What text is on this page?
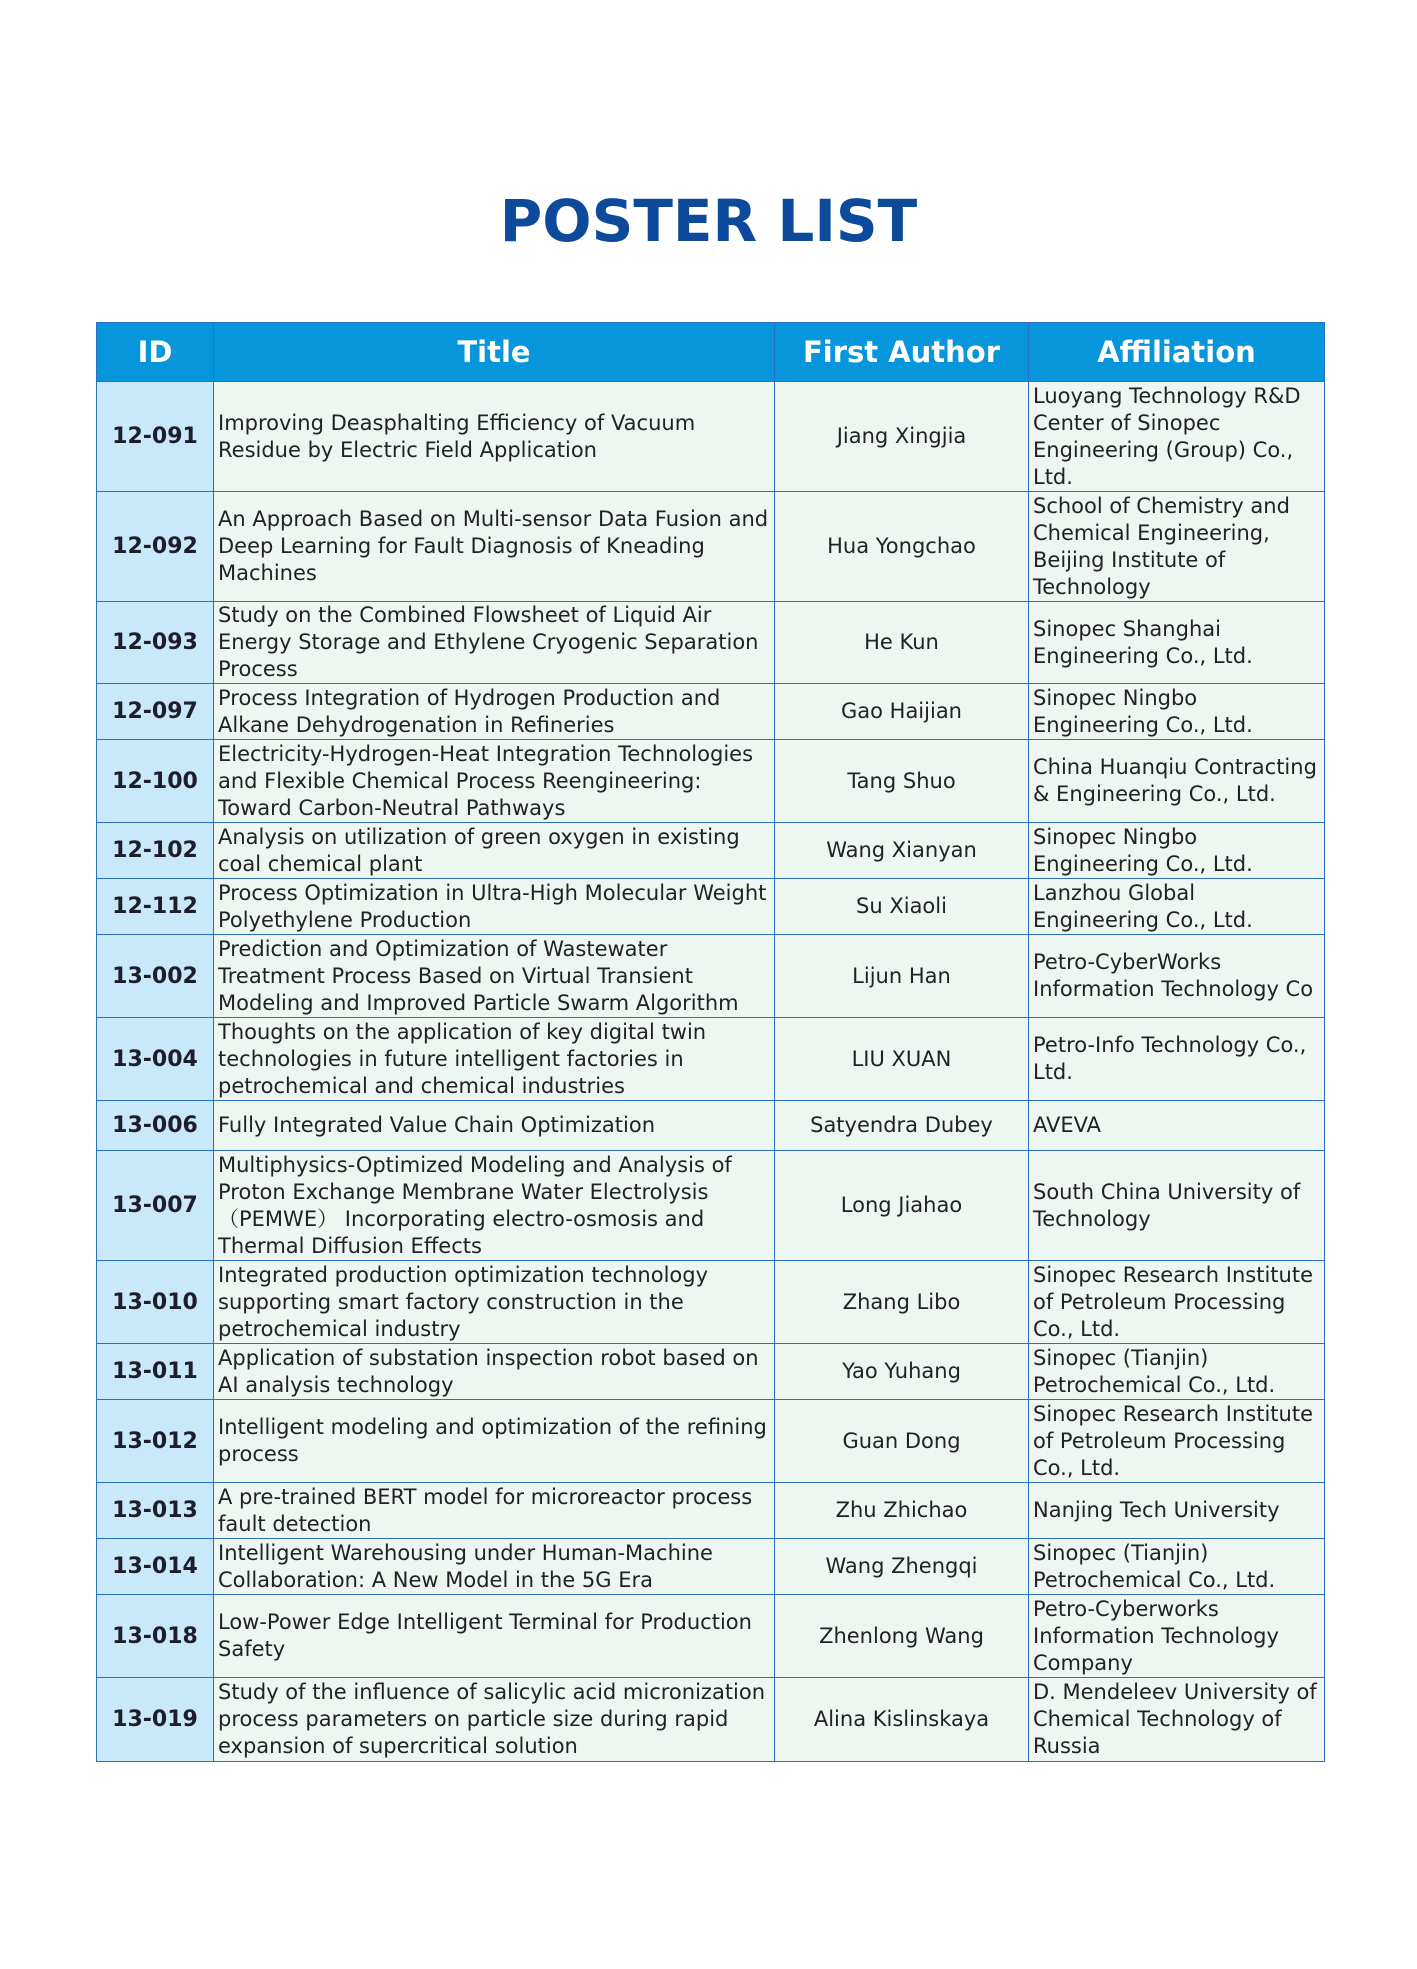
POSTER LIST
ID	Title	First Author	Affiliation
12-091	Improving Deasphalting Efficiency of Vacuum Residue by Electric Field Application	Jiang Xingjia	Luoyang Technology R&D Center of Sinopec Engineering (Group) Co., Ltd.
12-092	An Approach Based on Multi-sensor Data Fusion and Deep Learning for Fault Diagnosis of Kneading Machines	Hua Yongchao	School of Chemistry and Chemical Engineering, Beijing Institute of Technology
12-093	Study on the Combined Flowsheet of Liquid Air Energy Storage and Ethylene Cryogenic Separation Process	He Kun	Sinopec Shanghai Engineering Co., Ltd.
12-097	Process Integration of Hydrogen Production and Alkane Dehydrogenation in Refineries	Gao Haijian	Sinopec Ningbo Engineering Co., Ltd.
12-100	Electricity-Hydrogen-Heat Integration Technologies and Flexible Chemical Process Reengineering: Toward Carbon-Neutral Pathways	Tang Shuo	China Huanqiu Contracting & Engineering Co., Ltd.
12-102	Analysis on utilization of green oxygen in existing coal chemical plant	Wang Xianyan	Sinopec Ningbo Engineering Co., Ltd.
12-112	Process Optimization in Ultra-High Molecular Weight Polyethylene Production	Su Xiaoli	Lanzhou Global Engineering Co., Ltd.
13-002	Prediction and Optimization of Wastewater Treatment Process Based on Virtual Transient Modeling and Improved Particle Swarm Algorithm	Lijun Han	Petro-CyberWorks Information Technology Co
13-004	Thoughts on the application of key digital twin technologies in future intelligent factories in petrochemical and chemical industries	LIU XUAN	Petro-Info Technology Co., Ltd.
13-006	Fully Integrated Value Chain Optimization	Satyendra Dubey	AVEVA
13-007	Multiphysics-Optimized Modeling and Analysis of Proton Exchange Membrane Water Electrolysis （PEMWE） Incorporating electro-osmosis and Thermal Diffusion Effects	Long Jiahao	South China University of Technology
13-010	Integrated production optimization technology supporting smart factory construction in the petrochemical industry	Zhang Libo	Sinopec Research Institute of Petroleum Processing Co., Ltd.
13-011	Application of substation inspection robot based on AI analysis technology	Yao Yuhang	Sinopec (Tianjin) Petrochemical Co., Ltd.
13-012	Intelligent modeling and optimization of the refining process	Guan Dong	Sinopec Research Institute of Petroleum Processing Co., Ltd.
13-013	A pre-trained BERT model for microreactor process fault detection	Zhu Zhichao	Nanjing Tech University
13-014	Intelligent Warehousing under Human-Machine Collaboration: A New Model in the 5G Era	Wang Zhengqi	Sinopec (Tianjin) Petrochemical Co., Ltd.
13-018	Low-Power Edge Intelligent Terminal for Production Safety	Zhenlong Wang	Petro-Cyberworks Information Technology Company
13-019	Study of the influence of salicylic acid micronization process parameters on particle size during rapid expansion of supercritical solution	Alina Kislinskaya	D. Mendeleev University of Chemical Technology of Russia
